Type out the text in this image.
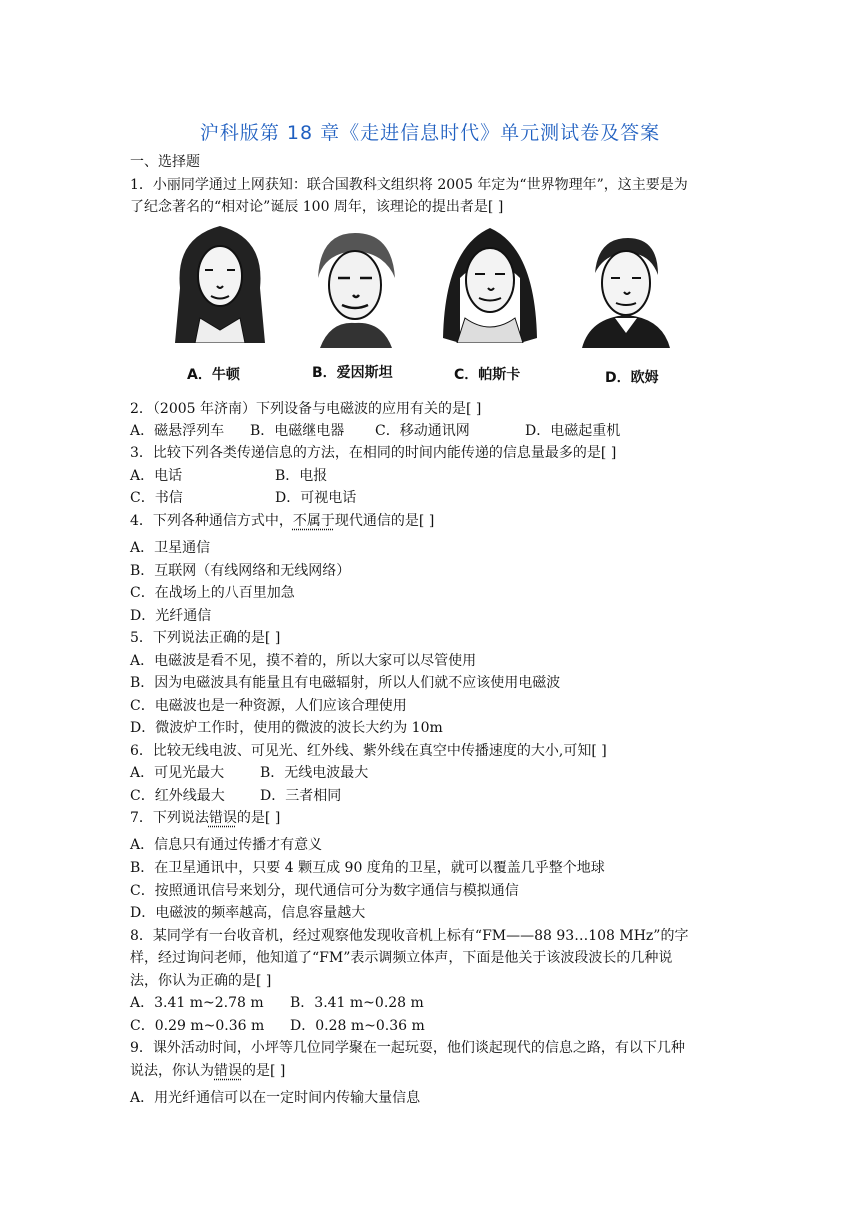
沪科版第 18 章《走进信息时代》单元测试卷及答案
一、选择题
1．小丽同学通过上网获知：联合国教科文组织将 2005 年定为“世界物理年”，这主要是为
了纪念著名的“相对论”诞辰 100 周年，该理论的提出者是[ ]
A．牛顿	B．爱因斯坦	C．帕斯卡	D．欧姆
2．（2005 年济南）下列设备与电磁波的应用有关的是[ ]
A．磁悬浮列车 B．电磁继电器 C．移动通讯网	D．电磁起重机
3．比较下列各类传递信息的方法，在相同的时间内能传递的信息量最多的是[ ]
A．电话	B．电报
C．书信	D．可视电话
4．下列各种通信方式中，不属于现代通信的是[ ]
A．卫星通信
B．互联网（有线网络和无线网络）
C．在战场上的八百里加急
D．光纤通信
5．下列说法正确的是[ ]
A．电磁波是看不见，摸不着的，所以大家可以尽管使用
B．因为电磁波具有能量且有电磁辐射，所以人们就不应该使用电磁波
C．电磁波也是一种资源，人们应该合理使用
D．微波炉工作时，使用的微波的波长大约为 10m
6．比较无线电波、可见光、红外线、紫外线在真空中传播速度的大小,可知[ ]
A．可见光最大	B．无线电波最大
C．红外线最大	D．三者相同
7．下列说法错误的是[ ]
A．信息只有通过传播才有意义
B．在卫星通讯中，只要 4 颗互成 90 度角的卫星，就可以覆盖几乎整个地球
C．按照通讯信号来划分，现代通信可分为数字通信与模拟通信
D．电磁波的频率越高，信息容量越大
8．某同学有一台收音机，经过观察他发现收音机上标有“FM——88 93…108 MHz”的字
样，经过询问老师，他知道了“FM”表示调频立体声，下面是他关于该波段波长的几种说
法，你认为正确的是[ ]
A．3.41 m~2.78 m B．3.41 m~0.28 m
C．0.29 m~0.36 m D．0.28 m~0.36 m
9．课外活动时间，小坪等几位同学聚在一起玩耍，他们谈起现代的信息之路，有以下几种
说法，你认为错误的是[ ]
A．用光纤通信可以在一定时间内传输大量信息
